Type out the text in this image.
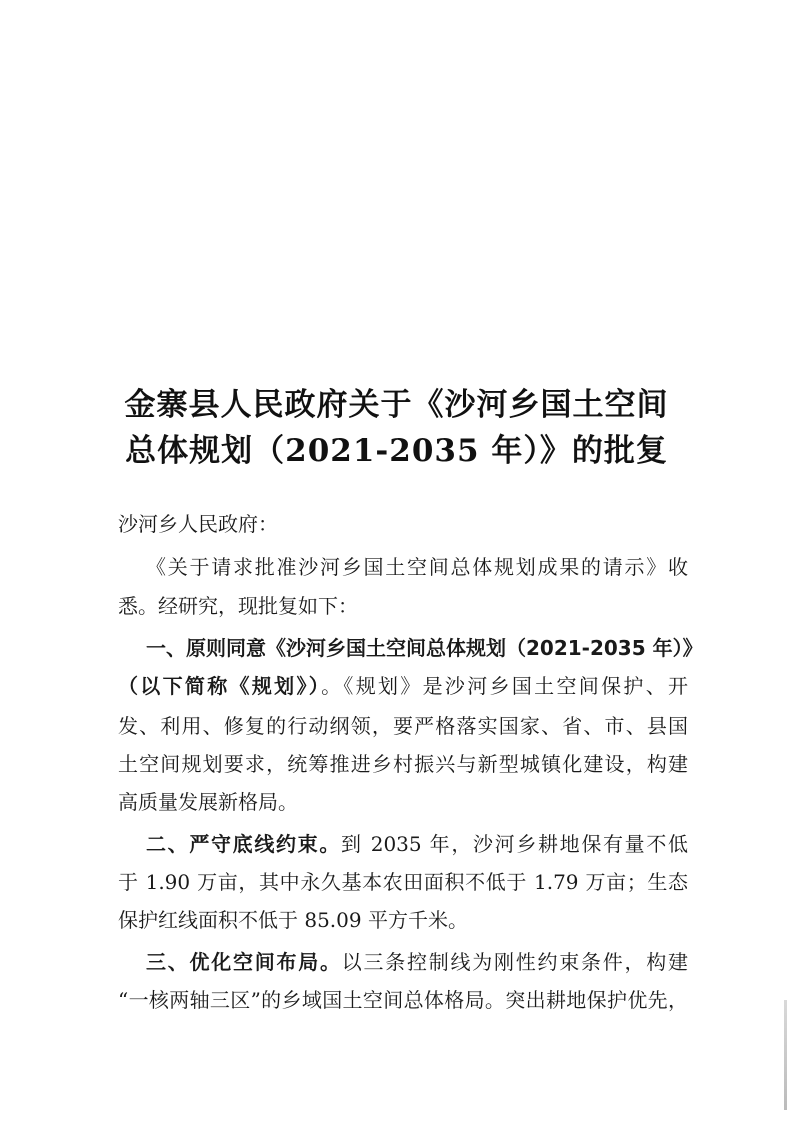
金寨县人民政府关于《沙河乡国土空间
总体规划（2021-2035 年）》的批复
沙河乡人民政府：
《关于请求批准沙河乡国土空间总体规划成果的请示》收
悉。经研究，现批复如下：
一、原则同意《沙河乡国土空间总体规划（2021-2035 年）》
（以下简称《规划》）。《规划》是沙河乡国土空间保护、开
发、利用、修复的行动纲领，要严格落实国家、省、市、县国
土空间规划要求，统筹推进乡村振兴与新型城镇化建设，构建
高质量发展新格局。
二、严守底线约束。到 2035 年，沙河乡耕地保有量不低
于 1.90 万亩，其中永久基本农田面积不低于 1.79 万亩；生态
保护红线面积不低于 85.09 平方千米。
三、优化空间布局。以三条控制线为刚性约束条件，构建
“一核两轴三区”的乡域国土空间总体格局。突出耕地保护优先，
